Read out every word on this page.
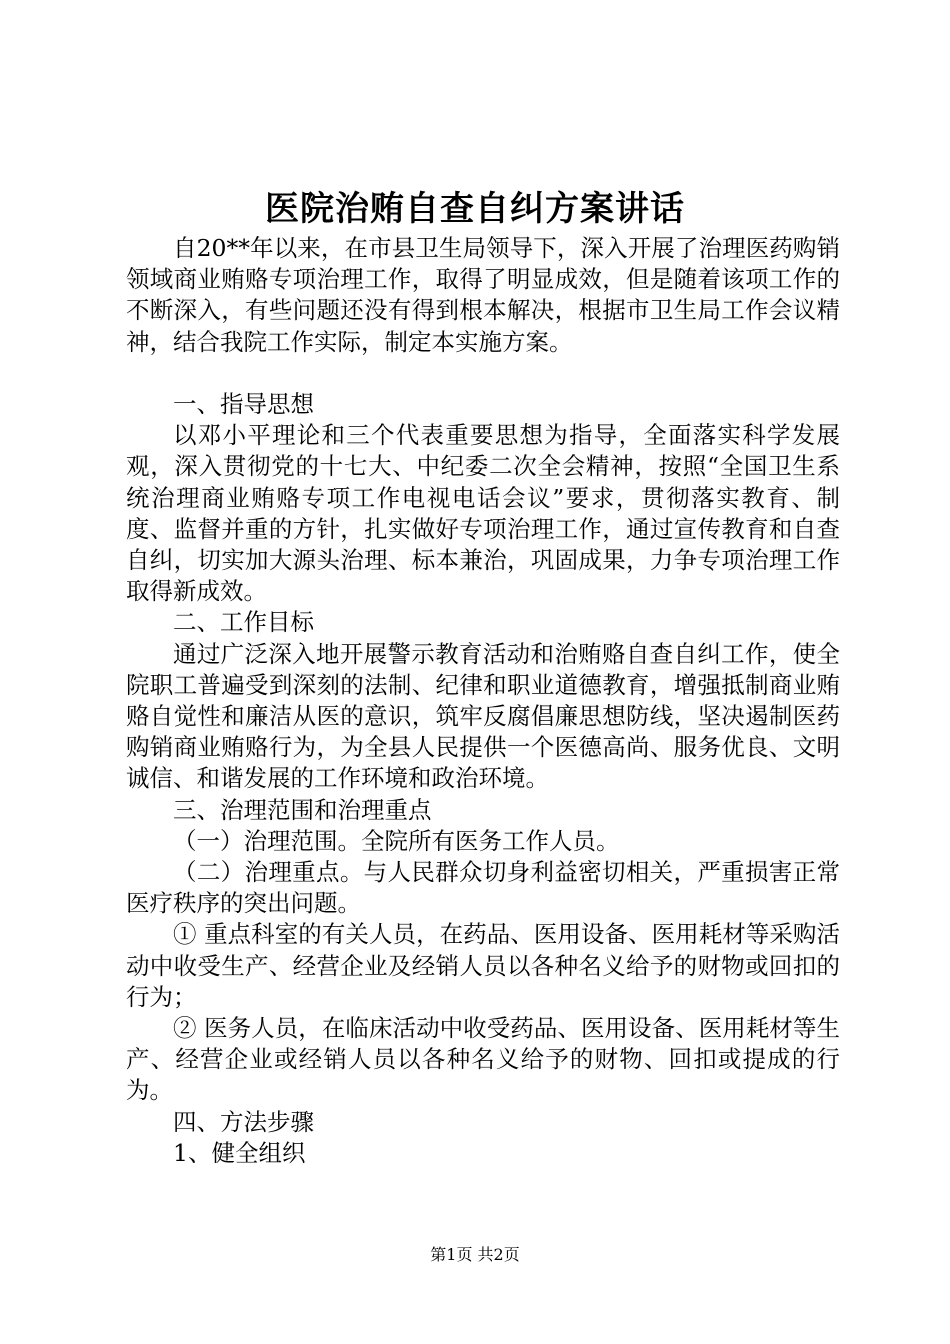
医院治贿自查自纠方案讲话

自20**年以来，在市县卫生局领导下，深入开展了治理医药购销领域商业贿赂专项治理工作，取得了明显成效，但是随着该项工作的不断深入，有些问题还没有得到根本解决，根据市卫生局工作会议精神，结合我院工作实际，制定本实施方案。

一、指导思想

以邓小平理论和三个代表重要思想为指导，全面落实科学发展观，深入贯彻党的十七大、中纪委二次全会精神，按照“全国卫生系统治理商业贿赂专项工作电视电话会议”要求，贯彻落实教育、制度、监督并重的方针，扎实做好专项治理工作，通过宣传教育和自查自纠，切实加大源头治理、标本兼治，巩固成果，力争专项治理工作取得新成效。

二、工作目标

通过广泛深入地开展警示教育活动和治贿赂自查自纠工作，使全院职工普遍受到深刻的法制、纪律和职业道德教育，增强抵制商业贿赂自觉性和廉洁从医的意识，筑牢反腐倡廉思想防线，坚决遏制医药购销商业贿赂行为，为全县人民提供一个医德高尚、服务优良、文明诚信、和谐发展的工作环境和政治环境。

三、治理范围和治理重点

（一）治理范围。全院所有医务工作人员。

（二）治理重点。与人民群众切身利益密切相关，严重损害正常医疗秩序的突出问题。

① 重点科室的有关人员，在药品、医用设备、医用耗材等采购活动中收受生产、经营企业及经销人员以各种名义给予的财物或回扣的行为；

② 医务人员，在临床活动中收受药品、医用设备、医用耗材等生产、经营企业或经销人员以各种名义给予的财物、回扣或提成的行为。

四、方法步骤

1、健全组织

第1页 共2页
